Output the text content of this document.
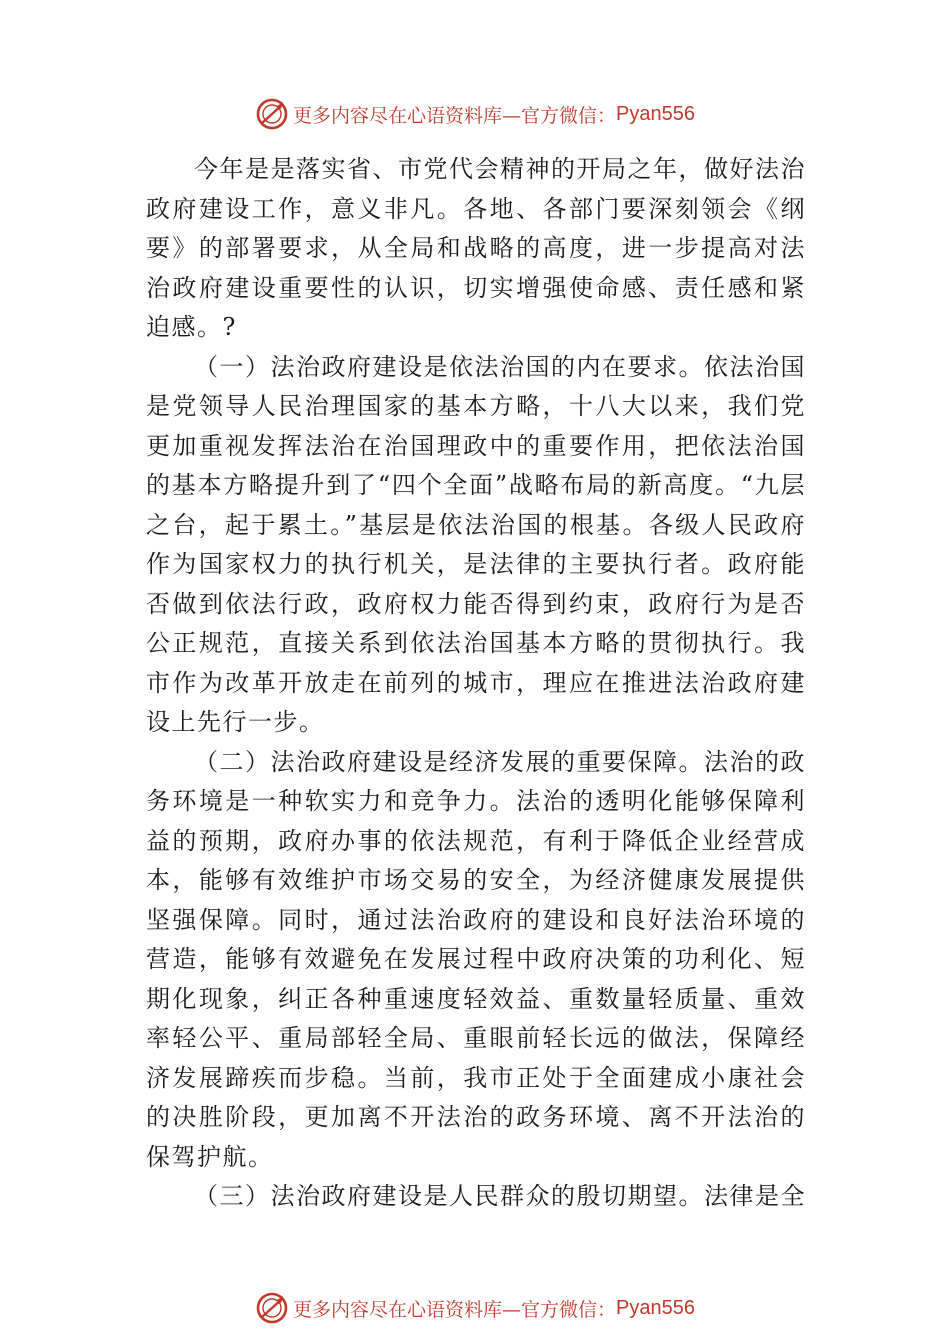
更多内容尽在心语资料库—官方微信： Pyan556

今年是是落实省、市党代会精神的开局之年，做好法治政府建设工作，意义非凡。各地、各部门要深刻领会《纲要》的部署要求，从全局和战略的高度，进一步提高对法治政府建设重要性的认识，切实增强使命感、责任感和紧迫感。?

（一）法治政府建设是依法治国的内在要求。依法治国是党领导人民治理国家的基本方略，十八大以来，我们党更加重视发挥法治在治国理政中的重要作用，把依法治国的基本方略提升到了“四个全面”战略布局的新高度。“九层之台，起于累土。”基层是依法治国的根基。各级人民政府作为国家权力的执行机关，是法律的主要执行者。政府能否做到依法行政，政府权力能否得到约束，政府行为是否公正规范，直接关系到依法治国基本方略的贯彻执行。我市作为改革开放走在前列的城市，理应在推进法治政府建设上先行一步。

（二）法治政府建设是经济发展的重要保障。法治的政务环境是一种软实力和竞争力。法治的透明化能够保障利益的预期，政府办事的依法规范，有利于降低企业经营成本，能够有效维护市场交易的安全，为经济健康发展提供坚强保障。同时，通过法治政府的建设和良好法治环境的营造，能够有效避免在发展过程中政府决策的功利化、短期化现象，纠正各种重速度轻效益、重数量轻质量、重效率轻公平、重局部轻全局、重眼前轻长远的做法，保障经济发展蹄疾而步稳。当前，我市正处于全面建成小康社会的决胜阶段，更加离不开法治的政务环境、离不开法治的保驾护航。

（三）法治政府建设是人民群众的殷切期望。法律是全

更多内容尽在心语资料库—官方微信： Pyan556
